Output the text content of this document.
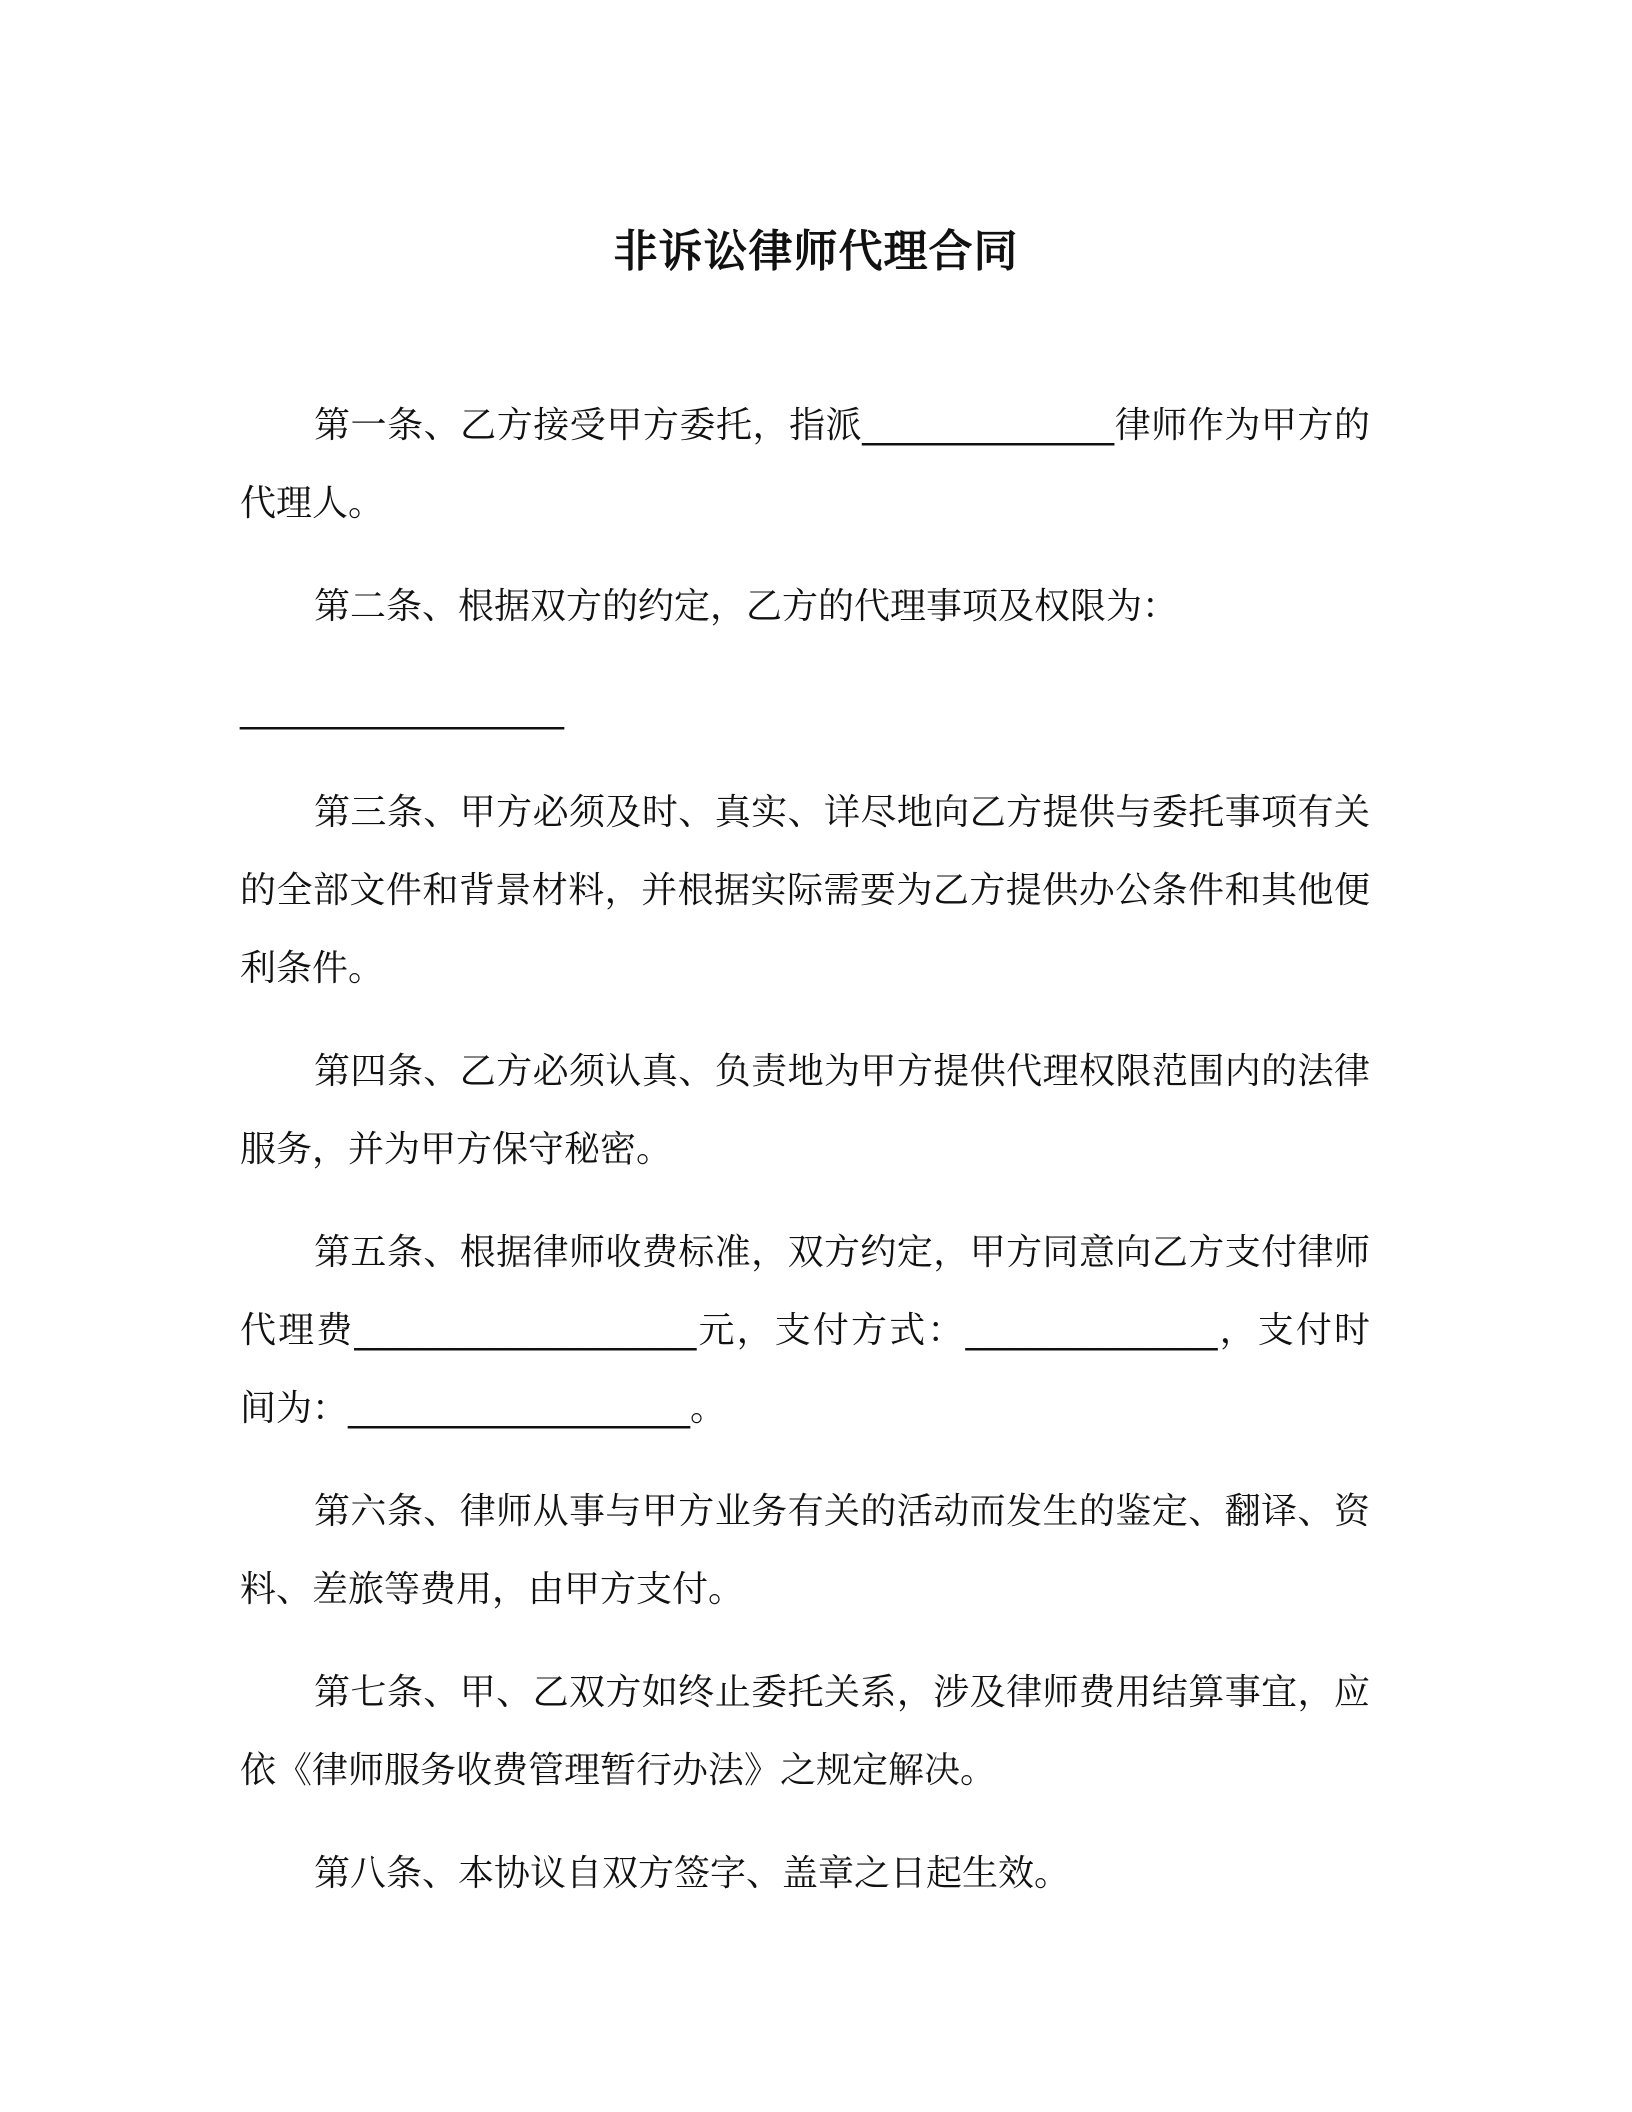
非诉讼律师代理合同

第一条、乙方接受甲方委托，指派______________律师作为甲方的代理人。

第二条、根据双方的约定，乙方的代理事项及权限为：

__________________

第三条、甲方必须及时、真实、详尽地向乙方提供与委托事项有关的全部文件和背景材料，并根据实际需要为乙方提供办公条件和其他便利条件。

第四条、乙方必须认真、负责地为甲方提供代理权限范围内的法律服务，并为甲方保守秘密。

第五条、根据律师收费标准，双方约定，甲方同意向乙方支付律师代理费___________________元，支付方式：______________，支付时间为：___________________。

第六条、律师从事与甲方业务有关的活动而发生的鉴定、翻译、资料、差旅等费用，由甲方支付。

第七条、甲、乙双方如终止委托关系，涉及律师费用结算事宜，应依《律师服务收费管理暂行办法》之规定解决。

第八条、本协议自双方签字、盖章之日起生效。
